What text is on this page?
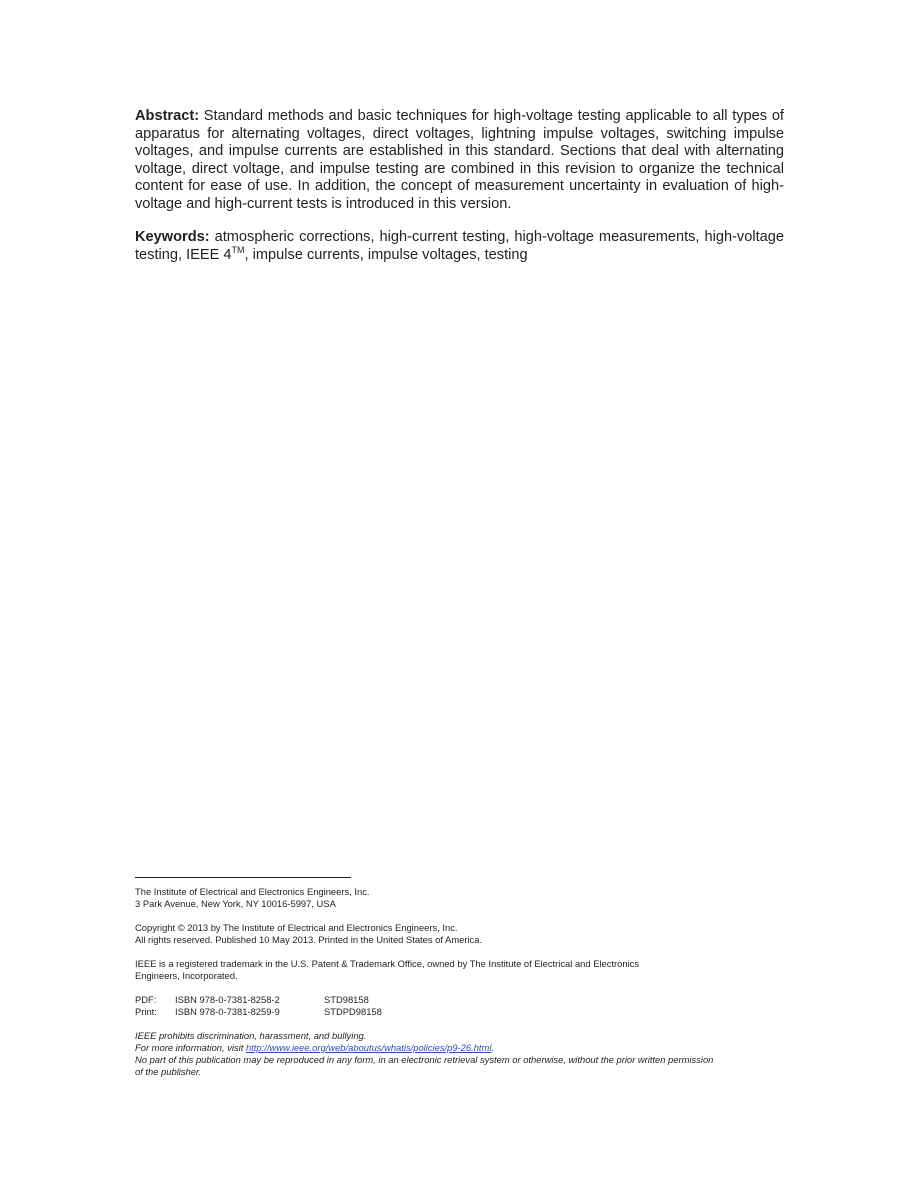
Abstract: Standard methods and basic techniques for high-voltage testing applicable to all types of apparatus for alternating voltages, direct voltages, lightning impulse voltages, switching impulse voltages, and impulse currents are established in this standard. Sections that deal with alternating voltage, direct voltage, and impulse testing are combined in this revision to organize the technical content for ease of use. In addition, the concept of measurement uncertainty in evaluation of high-voltage and high-current tests is introduced in this version.

Keywords: atmospheric corrections, high-current testing, high-voltage measurements, high-voltage testing, IEEE 4™, impulse currents, impulse voltages, testing

The Institute of Electrical and Electronics Engineers, Inc.
3 Park Avenue, New York, NY 10016-5997, USA
Copyright © 2013 by The Institute of Electrical and Electronics Engineers, Inc.
All rights reserved. Published 10 May 2013. Printed in the United States of America.
IEEE is a registered trademark in the U.S. Patent & Trademark Office, owned by The Institute of Electrical and Electronics
Engineers, Incorporated.
PDF: ISBN 978-0-7381-8258-2	STD98158
Print: ISBN 978-0-7381-8259-9	STDPD98158
IEEE prohibits discrimination, harassment, and bullying.
For more information, visit http://www.ieee.org/web/aboutus/whatis/policies/p9-26.html.
No part of this publication may be reproduced in any form, in an electronic retrieval system or otherwise, without the prior written permission
of the publisher.
